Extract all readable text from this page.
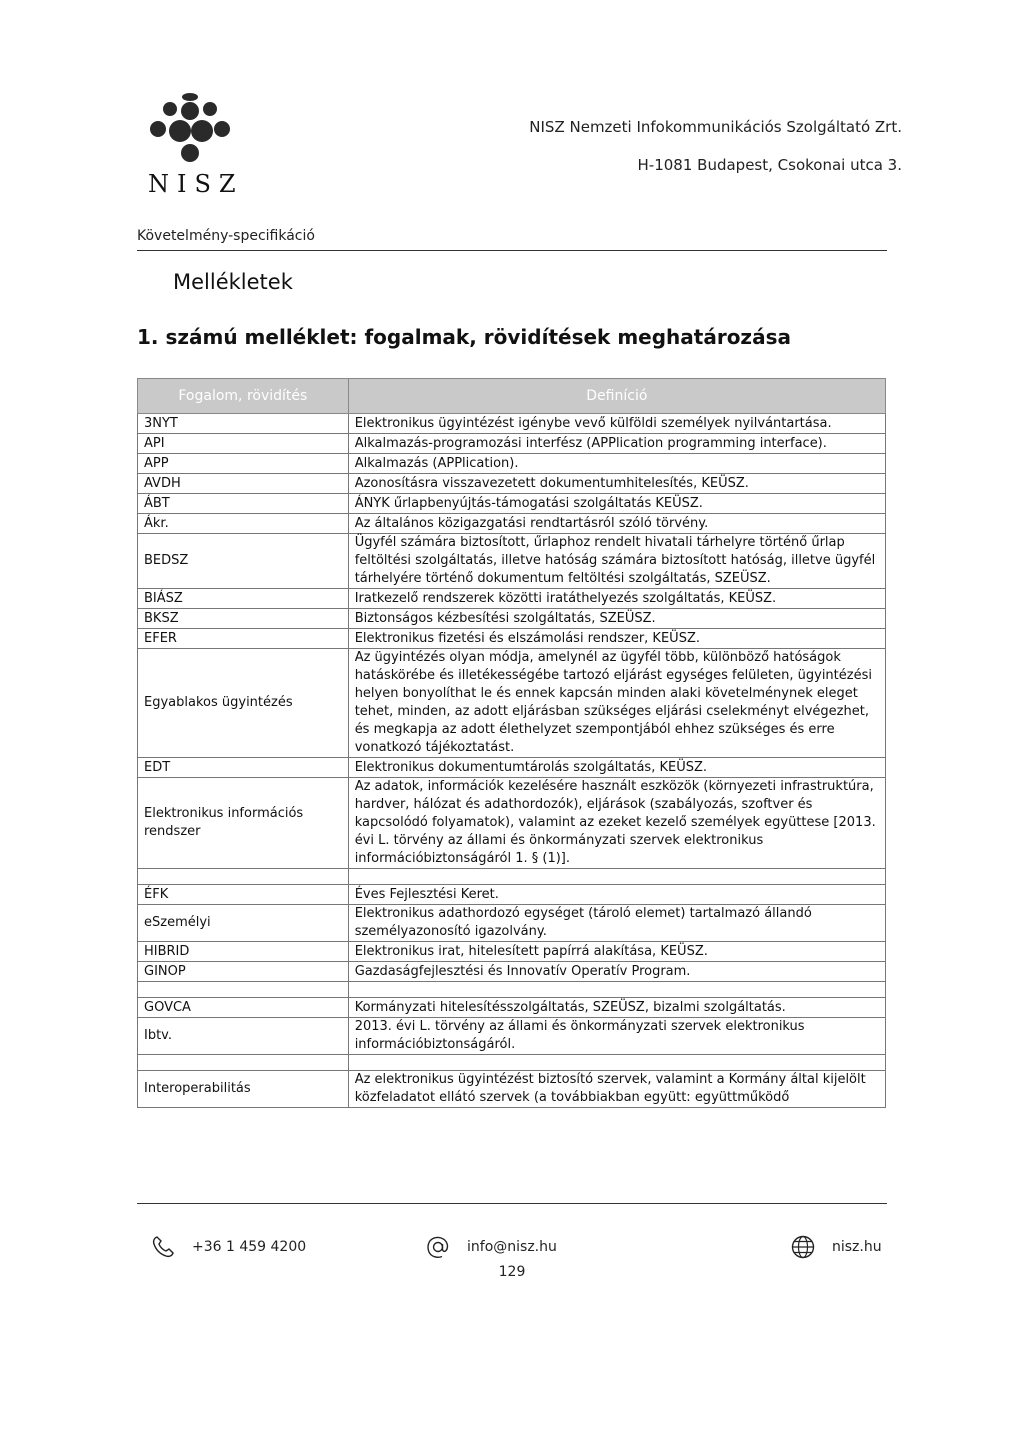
NISZ
NISZ Nemzeti Infokommunikációs Szolgáltató Zrt.
H-1081 Budapest, Csokonai utca 3.
Követelmény-specifikáció
Mellékletek
1. számú melléklet: fogalmak, rövidítések meghatározása
Fogalom, rövidítés	Definíció
3NYT	Elektronikus ügyintézést igénybe vevő külföldi személyek nyilvántartása.
API	Alkalmazás-programozási interfész (APPlication programming interface).
APP	Alkalmazás (APPlication).
AVDH	Azonosításra visszavezetett dokumentumhitelesítés, KEÜSZ.
ÁBT	ÁNYK űrlapbenyújtás-támogatási szolgáltatás KEÜSZ.
Ákr.	Az általános közigazgatási rendtartásról szóló törvény.
BEDSZ	Ügyfél számára biztosított, űrlaphoz rendelt hivatali tárhelyre történő űrlap feltöltési szolgáltatás, illetve hatóság számára biztosított hatóság, illetve ügyfél tárhelyére történő dokumentum feltöltési szolgáltatás, SZEÜSZ.
BIÁSZ	Iratkezelő rendszerek közötti iratáthelyezés szolgáltatás, KEÜSZ.
BKSZ	Biztonságos kézbesítési szolgáltatás, SZEÜSZ.
EFER	Elektronikus fizetési és elszámolási rendszer, KEÜSZ.
Egyablakos ügyintézés	Az ügyintézés olyan módja, amelynél az ügyfél több, különböző hatóságok hatáskörébe és illetékességébe tartozó eljárást egységes felületen, ügyintézési helyen bonyolíthat le és ennek kapcsán minden alaki követelménynek eleget tehet, minden, az adott eljárásban szükséges eljárási cselekményt elvégezhet, és megkapja az adott élethelyzet szempontjából ehhez szükséges és erre vonatkozó tájékoztatást.
EDT	Elektronikus dokumentumtárolás szolgáltatás, KEÜSZ.
Elektronikus információs rendszer	Az adatok, információk kezelésére használt eszközök (környezeti infrastruktúra, hardver, hálózat és adathordozók), eljárások (szabályozás, szoftver és kapcsolódó folyamatok), valamint az ezeket kezelő személyek együttese [2013. évi L. törvény az állami és önkormányzati szervek elektronikus információbiztonságáról 1. § (1)].

ÉFK	Éves Fejlesztési Keret.
eSzemélyi	Elektronikus adathordozó egységet (tároló elemet) tartalmazó állandó személyazonosító igazolvány.
HIBRID	Elektronikus irat, hitelesített papírrá alakítása, KEÜSZ.
GINOP	Gazdaságfejlesztési és Innovatív Operatív Program.

GOVCA	Kormányzati hitelesítésszolgáltatás, SZEÜSZ, bizalmi szolgáltatás.
Ibtv.	2013. évi L. törvény az állami és önkormányzati szervek elektronikus információbiztonságáról.

Interoperabilitás	Az elektronikus ügyintézést biztosító szervek, valamint a Kormány által kijelölt közfeladatot ellátó szervek (a továbbiakban együtt: együttműködő
+36 1 459 4200	info@nisz.hu	nisz.hu
129
